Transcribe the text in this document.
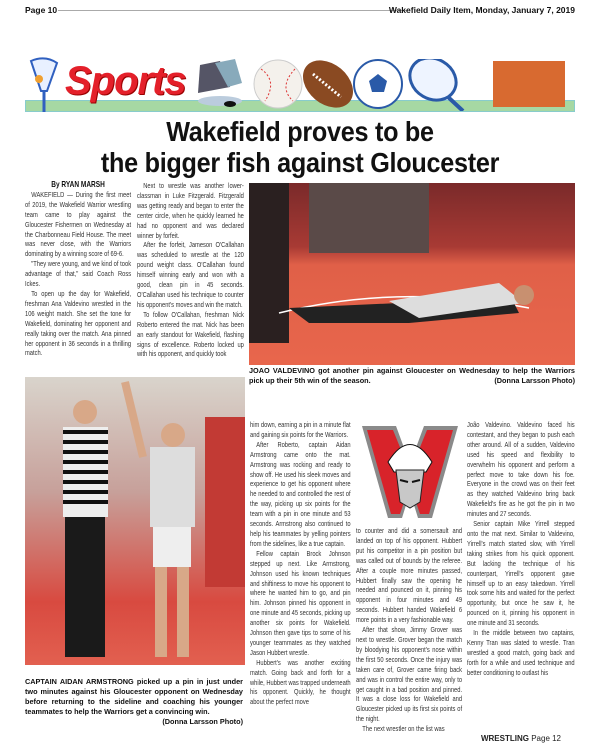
Page 10	Wakefield Daily Item, Monday, January 7, 2019
Sports
Wakefield proves to be
the bigger fish against Gloucester

By RYAN MARSH

WAKEFIELD — During the first meet of 2019, the Wakefield Warrior wrestling team came to play against the Gloucester Fishermen on Wednesday at the Charbonneau Field House. The meet was never close, with the Warriors dominating by a winning score of 69-6.

"They were young, and we kind of took advantage of that," said Coach Ross Ickes.

To open up the day for Wakefield, freshman Ana Valdevino wrestled in the 106 weight match. She set the tone for Wakefield, dominating her opponent and really taking over the match. Ana pinned her opponent in 36 seconds in a thrilling match.

Next to wrestle was another lower-classman in Luke Fitzgerald. Fitzgerald was getting ready and began to enter the center circle, when he quickly learned he had no opponent and was declared winner by forfeit.

After the forfeit, Jameson O'Callahan was scheduled to wrestle at the 120 pound weight class. O'Callahan found himself winning early and won with a good, clean pin in 45 seconds. O'Callahan used his technique to counter his opponent's moves and win the match.

To follow O'Callahan, freshman Nick Roberto entered the mat. Nick has been an early standout for Wakefield, flashing signs of excellence. Roberto locked up with his opponent, and quickly took

JOAO VALDEVINO got another pin against Gloucester on Wednesday to help the Warriors pick up their 5th win of the season.	(Donna Larsson Photo)
CAPTAIN AIDAN ARMSTRONG picked up a pin in just under two minutes against his Gloucester opponent on Wednesday before returning to the sideline and coaching his younger teammates to help the Warriors get a convincing win.
(Donna Larsson Photo)

him down, earning a pin in a minute flat and gaining six points for the Warriors.

After Roberto, captain Aidan Armstrong came onto the mat. Armstrong was rocking and ready to show off. He used his sleek moves and experience to get his opponent where he needed to and controlled the rest of the way, picking up six points for the team with a pin in one minute and 53 seconds. Armstrong also continued to help his teammates by yelling pointers from the sidelines, like a true captain.

Fellow captain Brock Johnson stepped up next. Like Armstrong, Johnson used his known techniques and shiftiness to move his opponent to where he wanted him to go, and pin him. Johnson pinned his opponent in one minute and 45 seconds, picking up another six points for Wakefield. Johnson then gave tips to some of his younger teammates as they watched Jason Hubbert wrestle.

Hubbert's was another exciting match. Going back and forth for a while, Hubbert was trapped underneath his opponent. Quickly, he thought about the perfect move

to counter and did a somersault and landed on top of his opponent. Hubbert put his competitor in a pin position but was called out of bounds by the referee. After a couple more minutes passed, Hubbert finally saw the opening he needed and pounced on it, pinning his opponent in four minutes and 49 seconds. Hubbert handed Wakefield 6 more points in a very fashionable way.

After that show, Jimmy Grover was next to wrestle. Grover began the match by bloodying his opponent's nose within the first 50 seconds. Once the injury was taken care of, Grover came firing back and was in control the entire way, only to get caught in a bad position and pinned. It was a close loss for Wakefield and Gloucester picked up its first six points of the night.

The next wrestler on the list was

João Valdevino. Valdevino faced his contestant, and they began to push each other around. All of a sudden, Valdevino used his speed and flexibility to overwhelm his opponent and perform a perfect move to take down his foe. Everyone in the crowd was on their feet as they watched Valdevino bring back Wakefield's fire as he got the pin in two minutes and 27 seconds.

Senior captain Mike Yirrell stepped onto the mat next. Similar to Valdevino, Yirrell's match started slow, with Yirrell taking strikes from his quick opponent. But lacking the technique of his counterpart, Yirrell's opponent gave himself up to an easy takedown. Yirrell took some hits and waited for the perfect opportunity, but once he saw it, he pounced on it, pinning his opponent in one minute and 31 seconds.

In the middle between two captains, Kenny Tran was slated to wrestle. Tran wrestled a good match, going back and forth for a while and used technique and better conditioning to outlast his

WRESTLING Page 12
